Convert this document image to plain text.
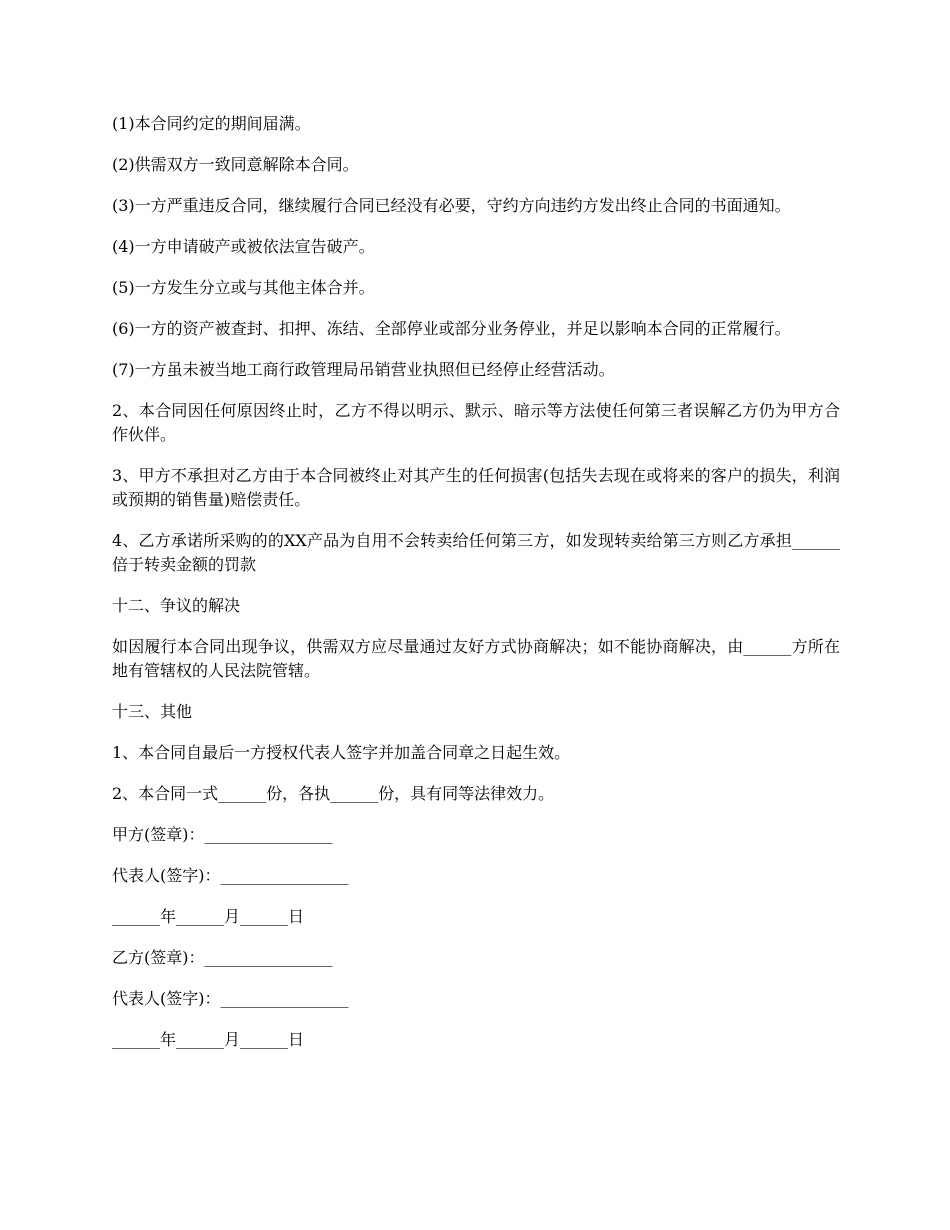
(1)本合同约定的期间届满。

(2)供需双方一致同意解除本合同。

(3)一方严重违反合同，继续履行合同已经没有必要，守约方向违约方发出终止合同的书面通知。

(4)一方申请破产或被依法宣告破产。

(5)一方发生分立或与其他主体合并。

(6)一方的资产被查封、扣押、冻结、全部停业或部分业务停业，并足以影响本合同的正常履行。

(7)一方虽未被当地工商行政管理局吊销营业执照但已经停止经营活动。

2、本合同因任何原因终止时，乙方不得以明示、默示、暗示等方法使任何第三者误解乙方仍为甲方合作伙伴。

3、甲方不承担对乙方由于本合同被终止对其产生的任何损害(包括失去现在或将来的客户的损失，利润或预期的销售量)赔偿责任。

4、乙方承诺所采购的的XX产品为自用不会转卖给任何第三方，如发现转卖给第三方则乙方承担______倍于转卖金额的罚款

十二、争议的解决

如因履行本合同出现争议，供需双方应尽量通过友好方式协商解决；如不能协商解决，由______方所在地有管辖权的人民法院管辖。

十三、其他

1、本合同自最后一方授权代表人签字并加盖合同章之日起生效。

2、本合同一式______份，各执______份，具有同等法律效力。

甲方(签章)：________________

代表人(签字)：________________

______年______月______日

乙方(签章)：________________

代表人(签字)：________________

______年______月______日
